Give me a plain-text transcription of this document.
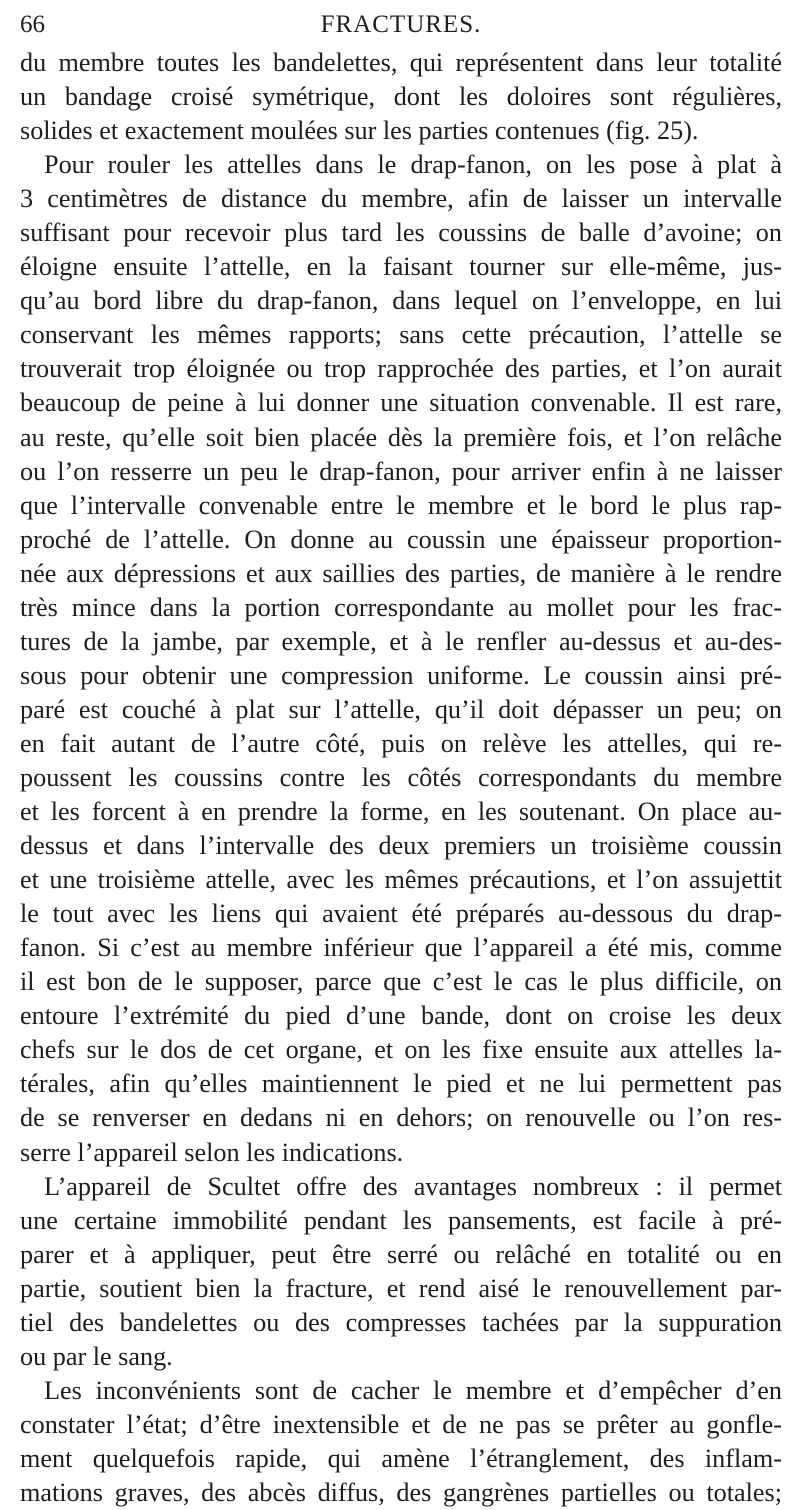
66	FRACTURES.
du membre toutes les bandelettes, qui représentent dans leur totalité
un bandage croisé symétrique, dont les doloires sont régulières,
solides et exactement moulées sur les parties contenues (fig. 25).
Pour rouler les attelles dans le drap-fanon, on les pose à plat à
3 centimètres de distance du membre, afin de laisser un intervalle
suffisant pour recevoir plus tard les coussins de balle d’avoine; on
éloigne ensuite l’attelle, en la faisant tourner sur elle-même, jus-
qu’au bord libre du drap-fanon, dans lequel on l’enveloppe, en lui
conservant les mêmes rapports; sans cette précaution, l’attelle se
trouverait trop éloignée ou trop rapprochée des parties, et l’on aurait
beaucoup de peine à lui donner une situation convenable. Il est rare,
au reste, qu’elle soit bien placée dès la première fois, et l’on relâche
ou l’on resserre un peu le drap-fanon, pour arriver enfin à ne laisser
que l’intervalle convenable entre le membre et le bord le plus rap-
proché de l’attelle. On donne au coussin une épaisseur proportion-
née aux dépressions et aux saillies des parties, de manière à le rendre
très mince dans la portion correspondante au mollet pour les frac-
tures de la jambe, par exemple, et à le renfler au-dessus et au-des-
sous pour obtenir une compression uniforme. Le coussin ainsi pré-
paré est couché à plat sur l’attelle, qu’il doit dépasser un peu; on
en fait autant de l’autre côté, puis on relève les attelles, qui re-
poussent les coussins contre les côtés correspondants du membre
et les forcent à en prendre la forme, en les soutenant. On place au-
dessus et dans l’intervalle des deux premiers un troisième coussin
et une troisième attelle, avec les mêmes précautions, et l’on assujettit
le tout avec les liens qui avaient été préparés au-dessous du drap-
fanon. Si c’est au membre inférieur que l’appareil a été mis, comme
il est bon de le supposer, parce que c’est le cas le plus difficile, on
entoure l’extrémité du pied d’une bande, dont on croise les deux
chefs sur le dos de cet organe, et on les fixe ensuite aux attelles la-
térales, afin qu’elles maintiennent le pied et ne lui permettent pas
de se renverser en dedans ni en dehors; on renouvelle ou l’on res-
serre l’appareil selon les indications.
L’appareil de Scultet offre des avantages nombreux : il permet
une certaine immobilité pendant les pansements, est facile à pré-
parer et à appliquer, peut être serré ou relâché en totalité ou en
partie, soutient bien la fracture, et rend aisé le renouvellement par-
tiel des bandelettes ou des compresses tachées par la suppuration
ou par le sang.
Les inconvénients sont de cacher le membre et d’empêcher d’en
constater l’état; d’être inextensible et de ne pas se prêter au gonfle-
ment quelquefois rapide, qui amène l’étranglement, des inflam-
mations graves, des abcès diffus, des gangrènes partielles ou totales;
